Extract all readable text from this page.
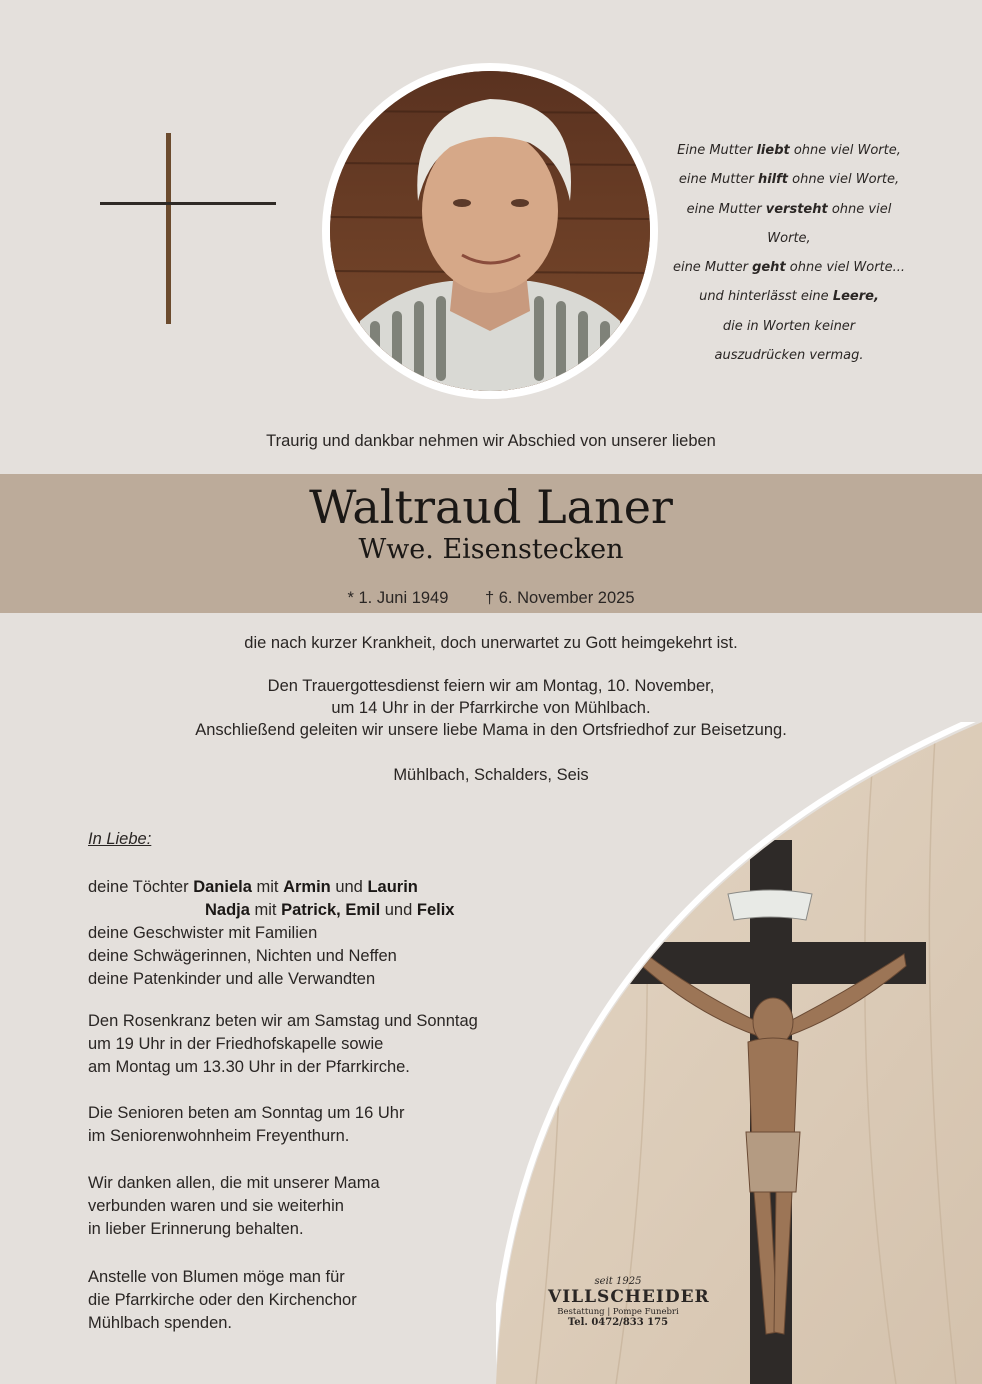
Eine Mutter liebt ohne viel Worte,
eine Mutter hilft ohne viel Worte,
eine Mutter versteht ohne viel Worte,
eine Mutter geht ohne viel Worte...
und hinterlässt eine Leere,
die in Worten keiner
auszudrücken vermag.
Traurig und dankbar nehmen wir Abschied von unserer lieben
Waltraud Laner
Wwe. Eisenstecken
* 1. Juni 1949 † 6. November 2025
die nach kurzer Krankheit, doch unerwartet zu Gott heimgekehrt ist.
Den Trauergottesdienst feiern wir am Montag, 10. November,
um 14 Uhr in der Pfarrkirche von Mühlbach.
Anschließend geleiten wir unsere liebe Mama in den Ortsfriedhof zur Beisetzung.
Mühlbach, Schalders, Seis
In Liebe:
deine Töchter Daniela mit Armin und Laurin
Nadja mit Patrick, Emil und Felix
deine Geschwister mit Familien
deine Schwägerinnen, Nichten und Neffen
deine Patenkinder und alle Verwandten
Den Rosenkranz beten wir am Samstag und Sonntag
um 19 Uhr in der Friedhofskapelle sowie
am Montag um 13.30 Uhr in der Pfarrkirche.
Die Senioren beten am Sonntag um 16 Uhr
im Seniorenwohnheim Freyenthurn.
Wir danken allen, die mit unserer Mama
verbunden waren und sie weiterhin
in lieber Erinnerung behalten.
Anstelle von Blumen möge man für
die Pfarrkirche oder den Kirchenchor
Mühlbach spenden.
seit 1925
VILLSCHEIDER
Bestattung | Pompe Funebri
Tel. 0472/833 175
